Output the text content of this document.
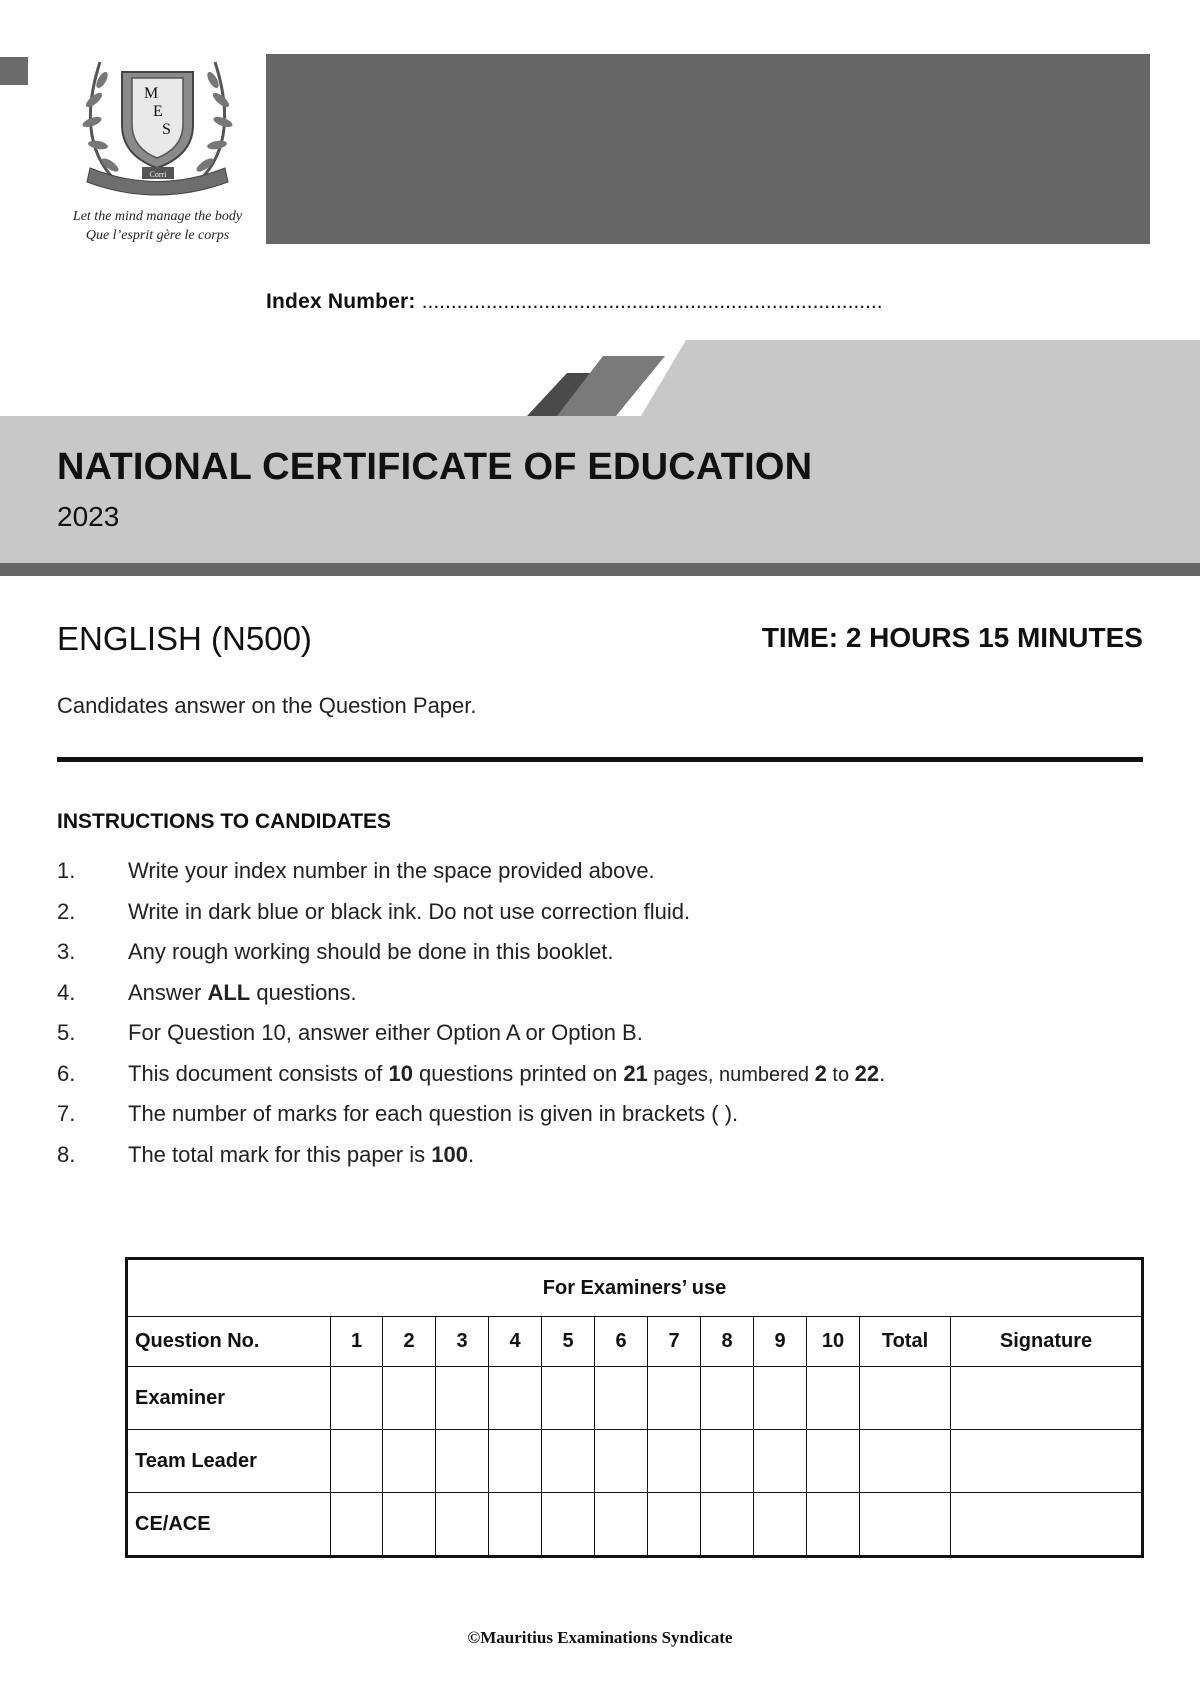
M
E
S
Corri
Let the mind manage the body
Que l’esprit gère le corps
Index Number: ...............................................................................
NATIONAL CERTIFICATE OF EDUCATION
2023
ENGLISH (N500)	TIME: 2 HOURS 15 MINUTES
Candidates answer on the Question Paper.
INSTRUCTIONS TO CANDIDATES
1.	Write your index number in the space provided above.
2.	Write in dark blue or black ink. Do not use correction fluid.
3.	Any rough working should be done in this booklet.
4.	Answer ALL questions.
5.	For Question 10, answer either Option A or Option B.
6.	This document consists of 10 questions printed on 21 pages, numbered 2 to 22.
7.	The number of marks for each question is given in brackets ( ).
8.	The total mark for this paper is 100.
For Examiners’ use												
Question No.	1	2	3	4	5	6	7	8	9	10	Total	Signature
Examiner												
Team Leader												
CE/ACE												
©Mauritius Examinations Syndicate
